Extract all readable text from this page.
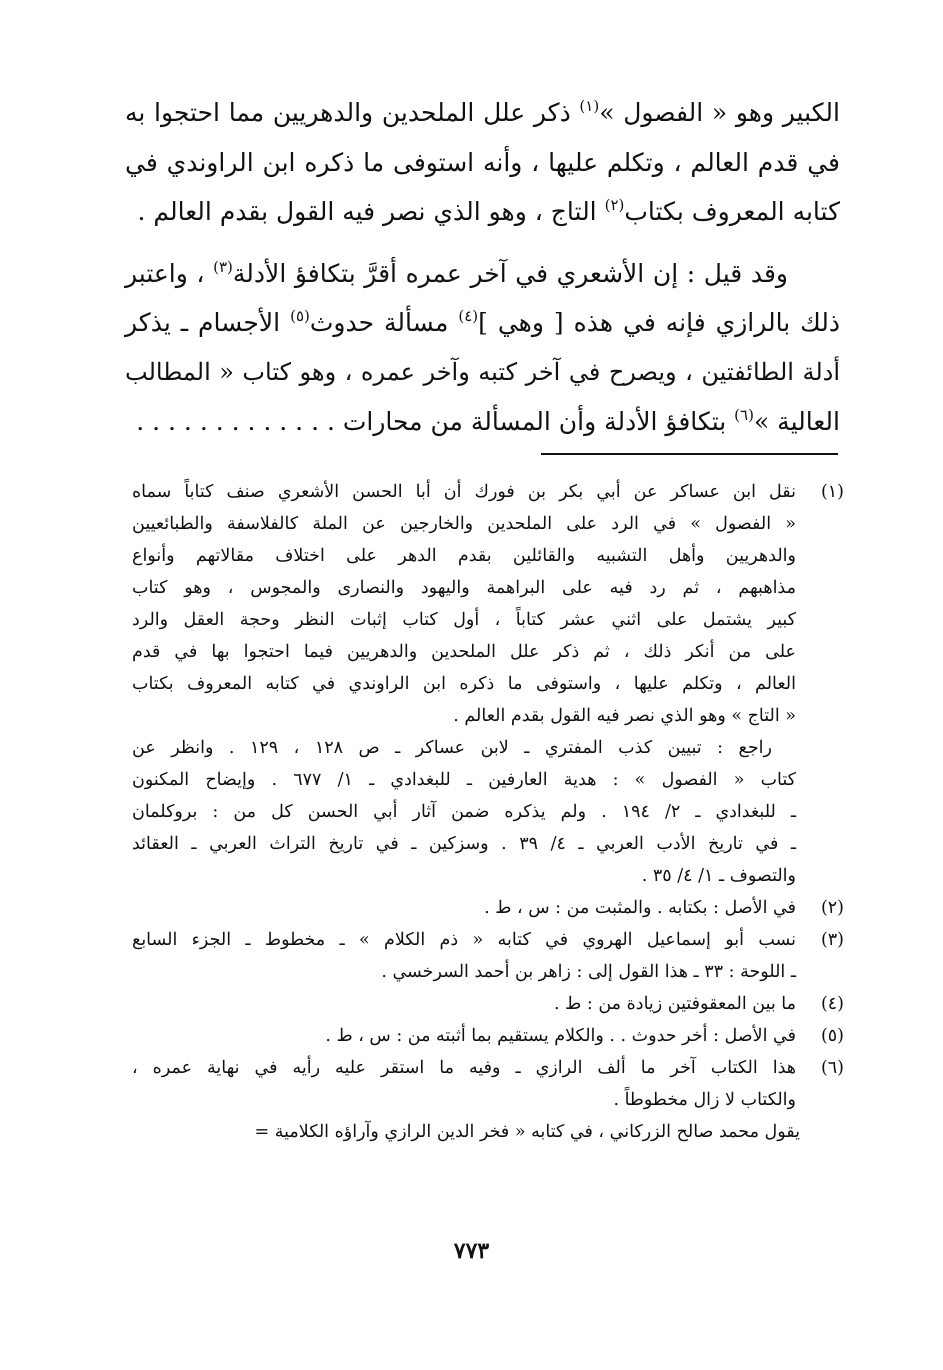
الكبير وهو « الفصول »$^{(١)}$ ذكر علل الملحدين والدهريين مما احتجوا به
في قدم العالم ، وتكلم عليها ، وأنه استوفى ما ذكره ابن الراوندي في
كتابه المعروف بكتاب$^{(٢)}$ التاج ، وهو الذي نصر فيه القول بقدم العالم .

وقد قيل : إن الأشعري في آخر عمره أقرَّ بتكافؤ الأدلة$^{(٣)}$ ، واعتبر
ذلك بالرازي فإنه في هذه [ وهي ]$^{(٤)}$ مسألة حدوث$^{(٥)}$ الأجسام ـ يذكر
أدلة الطائفتين ، ويصرح في آخر كتبه وآخر عمره ، وهو كتاب « المطالب
العالية »$^{(٦)}$ بتكافؤ الأدلة وأن المسألة من محارات . . . . . . . . . . . . .

(١)
نقل ابن عساكر عن أبي بكر بن فورك أن أبا الحسن الأشعري صنف كتاباً سماه
« الفصول » في الرد على الملحدين والخارجين عن الملة كالفلاسفة والطبائعيين
والدهريين وأهل التشبيه والقائلين بقدم الدهر على اختلاف مقالاتهم وأنواع
مذاهبهم ، ثم رد فيه على البراهمة واليهود والنصارى والمجوس ، وهو كتاب
كبير يشتمل على اثني عشر كتاباً ، أول كتاب إثبات النظر وحجة العقل والرد
على من أنكر ذلك ، ثم ذكر علل الملحدين والدهريين فيما احتجوا بها في قدم
العالم ، وتكلم عليها ، واستوفى ما ذكره ابن الراوندي في كتابه المعروف بكتاب
« التاج » وهو الذي نصر فيه القول بقدم العالم .
راجع : تبيين كذب المفتري ـ لابن عساكر ـ ص ١٢٨ ، ١٢٩ . وانظر عن
كتاب « الفصول » : هدية العارفين ـ للبغدادي ـ ١/ ٦٧٧ . وإيضاح المكنون
ـ للبغدادي ـ ٢/ ١٩٤ . ولم يذكره ضمن آثار أبي الحسن كل من : بروكلمان
ـ في تاريخ الأدب العربي ـ ٤/ ٣٩ . وسزكين ـ في تاريخ التراث العربي ـ العقائد
والتصوف ـ ١/ ٤/ ٣٥ .
(٢)
في الأصل : بكتابه . والمثبت من : س ، ط .
(٣)
نسب أبو إسماعيل الهروي في كتابه « ذم الكلام » ـ مخطوط ـ الجزء السابع
ـ اللوحة : ٣٣ ـ هذا القول إلى : زاهر بن أحمد السرخسي .
(٤)
ما بين المعقوفتين زيادة من : ط .
(٥)
في الأصل : أخر حدوث . . والكلام يستقيم بما أثبته من : س ، ط .
(٦)
هذا الكتاب آخر ما ألف الرازي ـ وفيه ما استقر عليه رأيه في نهاية عمره ،
والكتاب لا زال مخطوطاً .
يقول محمد صالح الزركاني ، في كتابه « فخر الدين الرازي وآراؤه الكلامية =
٧٧٣
